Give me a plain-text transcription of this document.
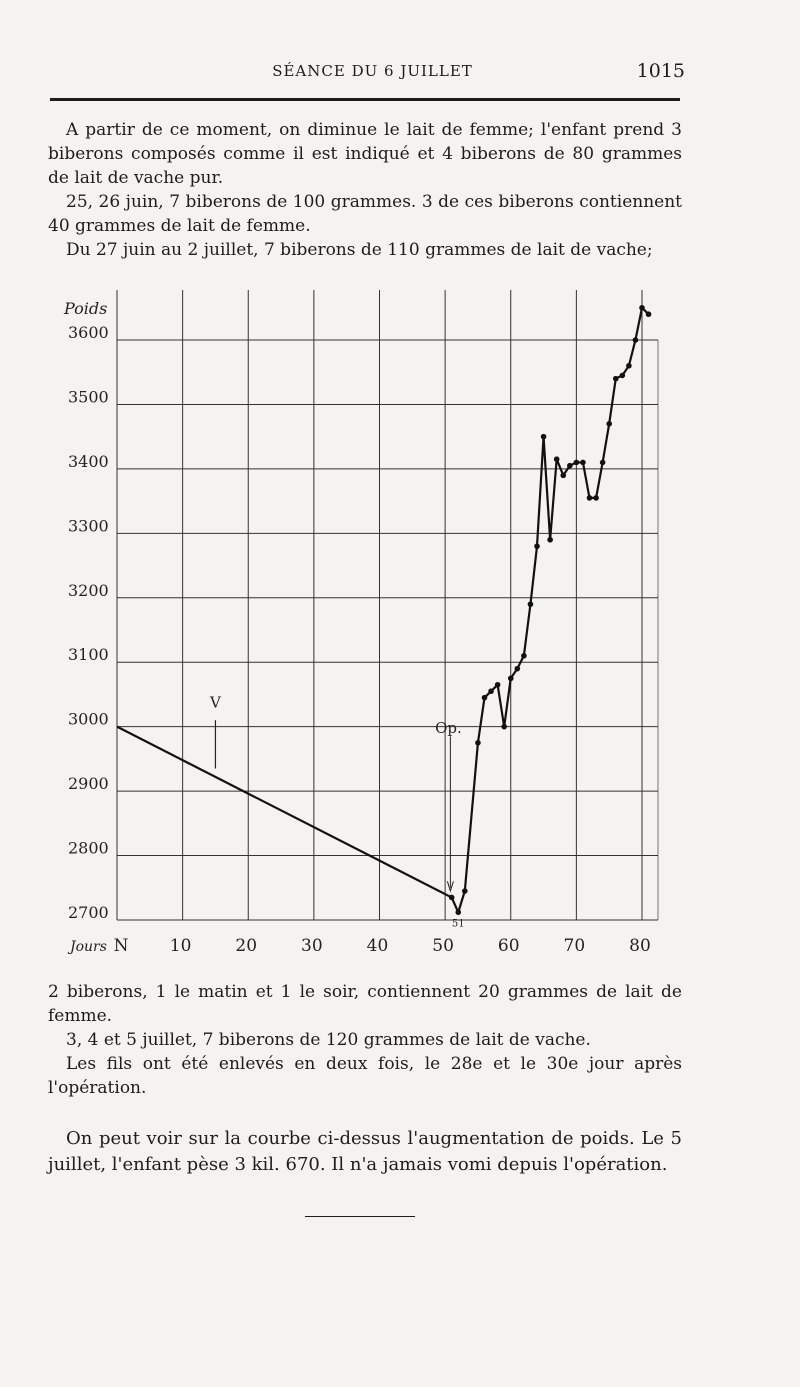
SÉANCE DU 6 JUILLET	1015

A partir de ce moment, on diminue le lait de femme; l'enfant prend 3 biberons composés comme il est indiqué et 4 biberons de 80 grammes de lait de vache pur.

25, 26 juin, 7 biberons de 100 grammes. 3 de ces biberons contiennent 40 grammes de lait de femme.

Du 27 juin au 2 juillet, 7 biberons de 110 grammes de lait de vache;

2700
2800
2900
3000
3100
3200
3300
3400
3500
3600
Poids
N 10	20	30	40	50	60	70	80
Jours
V
Op.
51

2 biberons, 1 le matin et 1 le soir, contiennent 20 grammes de lait de femme.

3, 4 et 5 juillet, 7 biberons de 120 grammes de lait de vache.

Les fils ont été enlevés en deux fois, le 28e et le 30e jour après l'opération.

On peut voir sur la courbe ci-dessus l'augmentation de poids. Le 5 juillet, l'enfant pèse 3 kil. 670. Il n'a jamais vomi depuis l'opération.
